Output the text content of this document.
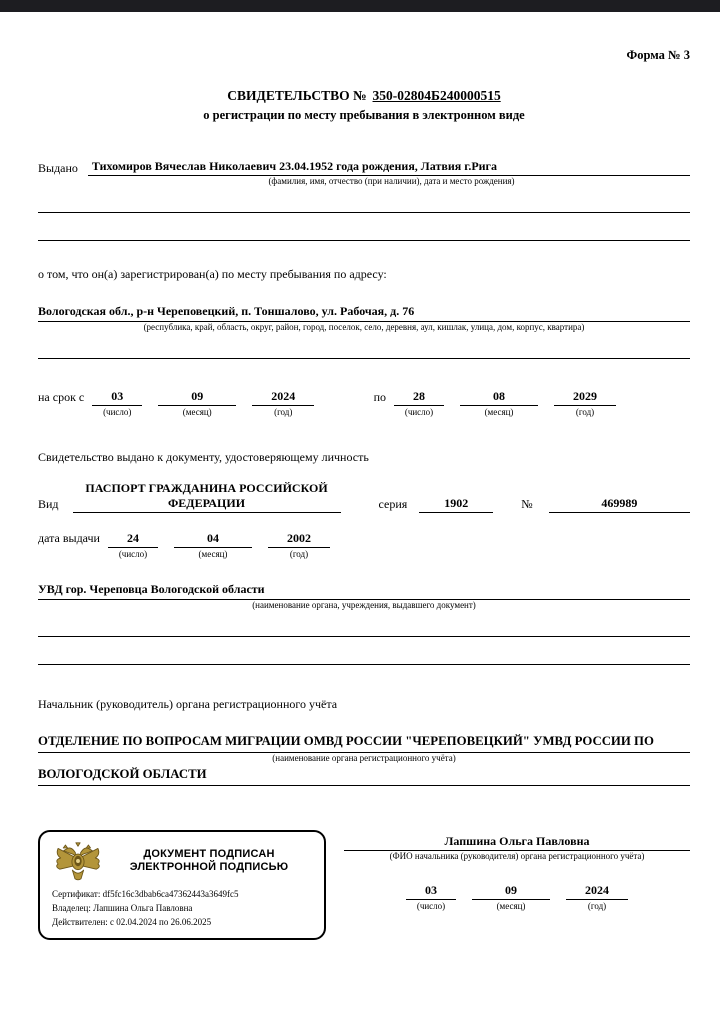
Форма № 3
СВИДЕТЕЛЬСТВО № 350-02804Б240000515
о регистрации по месту пребывания в электронном виде
Выдано	Тихомиров Вячеслав Николаевич 23.04.1952 года рождения, Латвия г.Рига
(фамилия, имя, отчество (при наличии), дата и место рождения)
о том, что он(а) зарегистрирован(а) по месту пребывания по адресу:
Вологодская обл., р-н Череповецкий, п. Тоншалово, ул. Рабочая, д. 76
(республика, край, область, округ, район, город, поселок, село, деревня, аул, кишлак, улица, дом, корпус, квартира)
на срок с	03
(число)
09
(месяц)
2024
(год)
по	28
(число)
08
(месяц)
2029
(год)
Свидетельство выдано к документу, удостоверяющему личность
Вид
ПАСПОРТ ГРАЖДАНИНА РОССИЙСКОЙ
ФЕДЕРАЦИИ	серия	1902	№	469989
дата выдачи	24
(число)
04
(месяц)
2002
(год)
УВД гор. Череповца Вологодской области
(наименование органа, учреждения, выдавшего документ)
Начальник (руководитель) органа регистрационного учёта
ОТДЕЛЕНИЕ ПО ВОПРОСАМ МИГРАЦИИ ОМВД РОССИИ "ЧЕРЕПОВЕЦКИЙ" УМВД РОССИИ ПО
(наименование органа регистрационного учёта)
ВОЛОГОДСКОЙ ОБЛАСТИ
ДОКУМЕНТ ПОДПИСАН
ЭЛЕКТРОННОЙ ПОДПИСЬЮ
Сертификат: df5fc16c3dbab6ca47362443a3649fc5
Владелец: Лапшина Ольга Павловна
Действителен: с 02.04.2024 по 26.06.2025
Лапшина Ольга Павловна
(ФИО начальника (руководителя) органа регистрационного учёта)
03
(число)
09
(месяц)
2024
(год)
